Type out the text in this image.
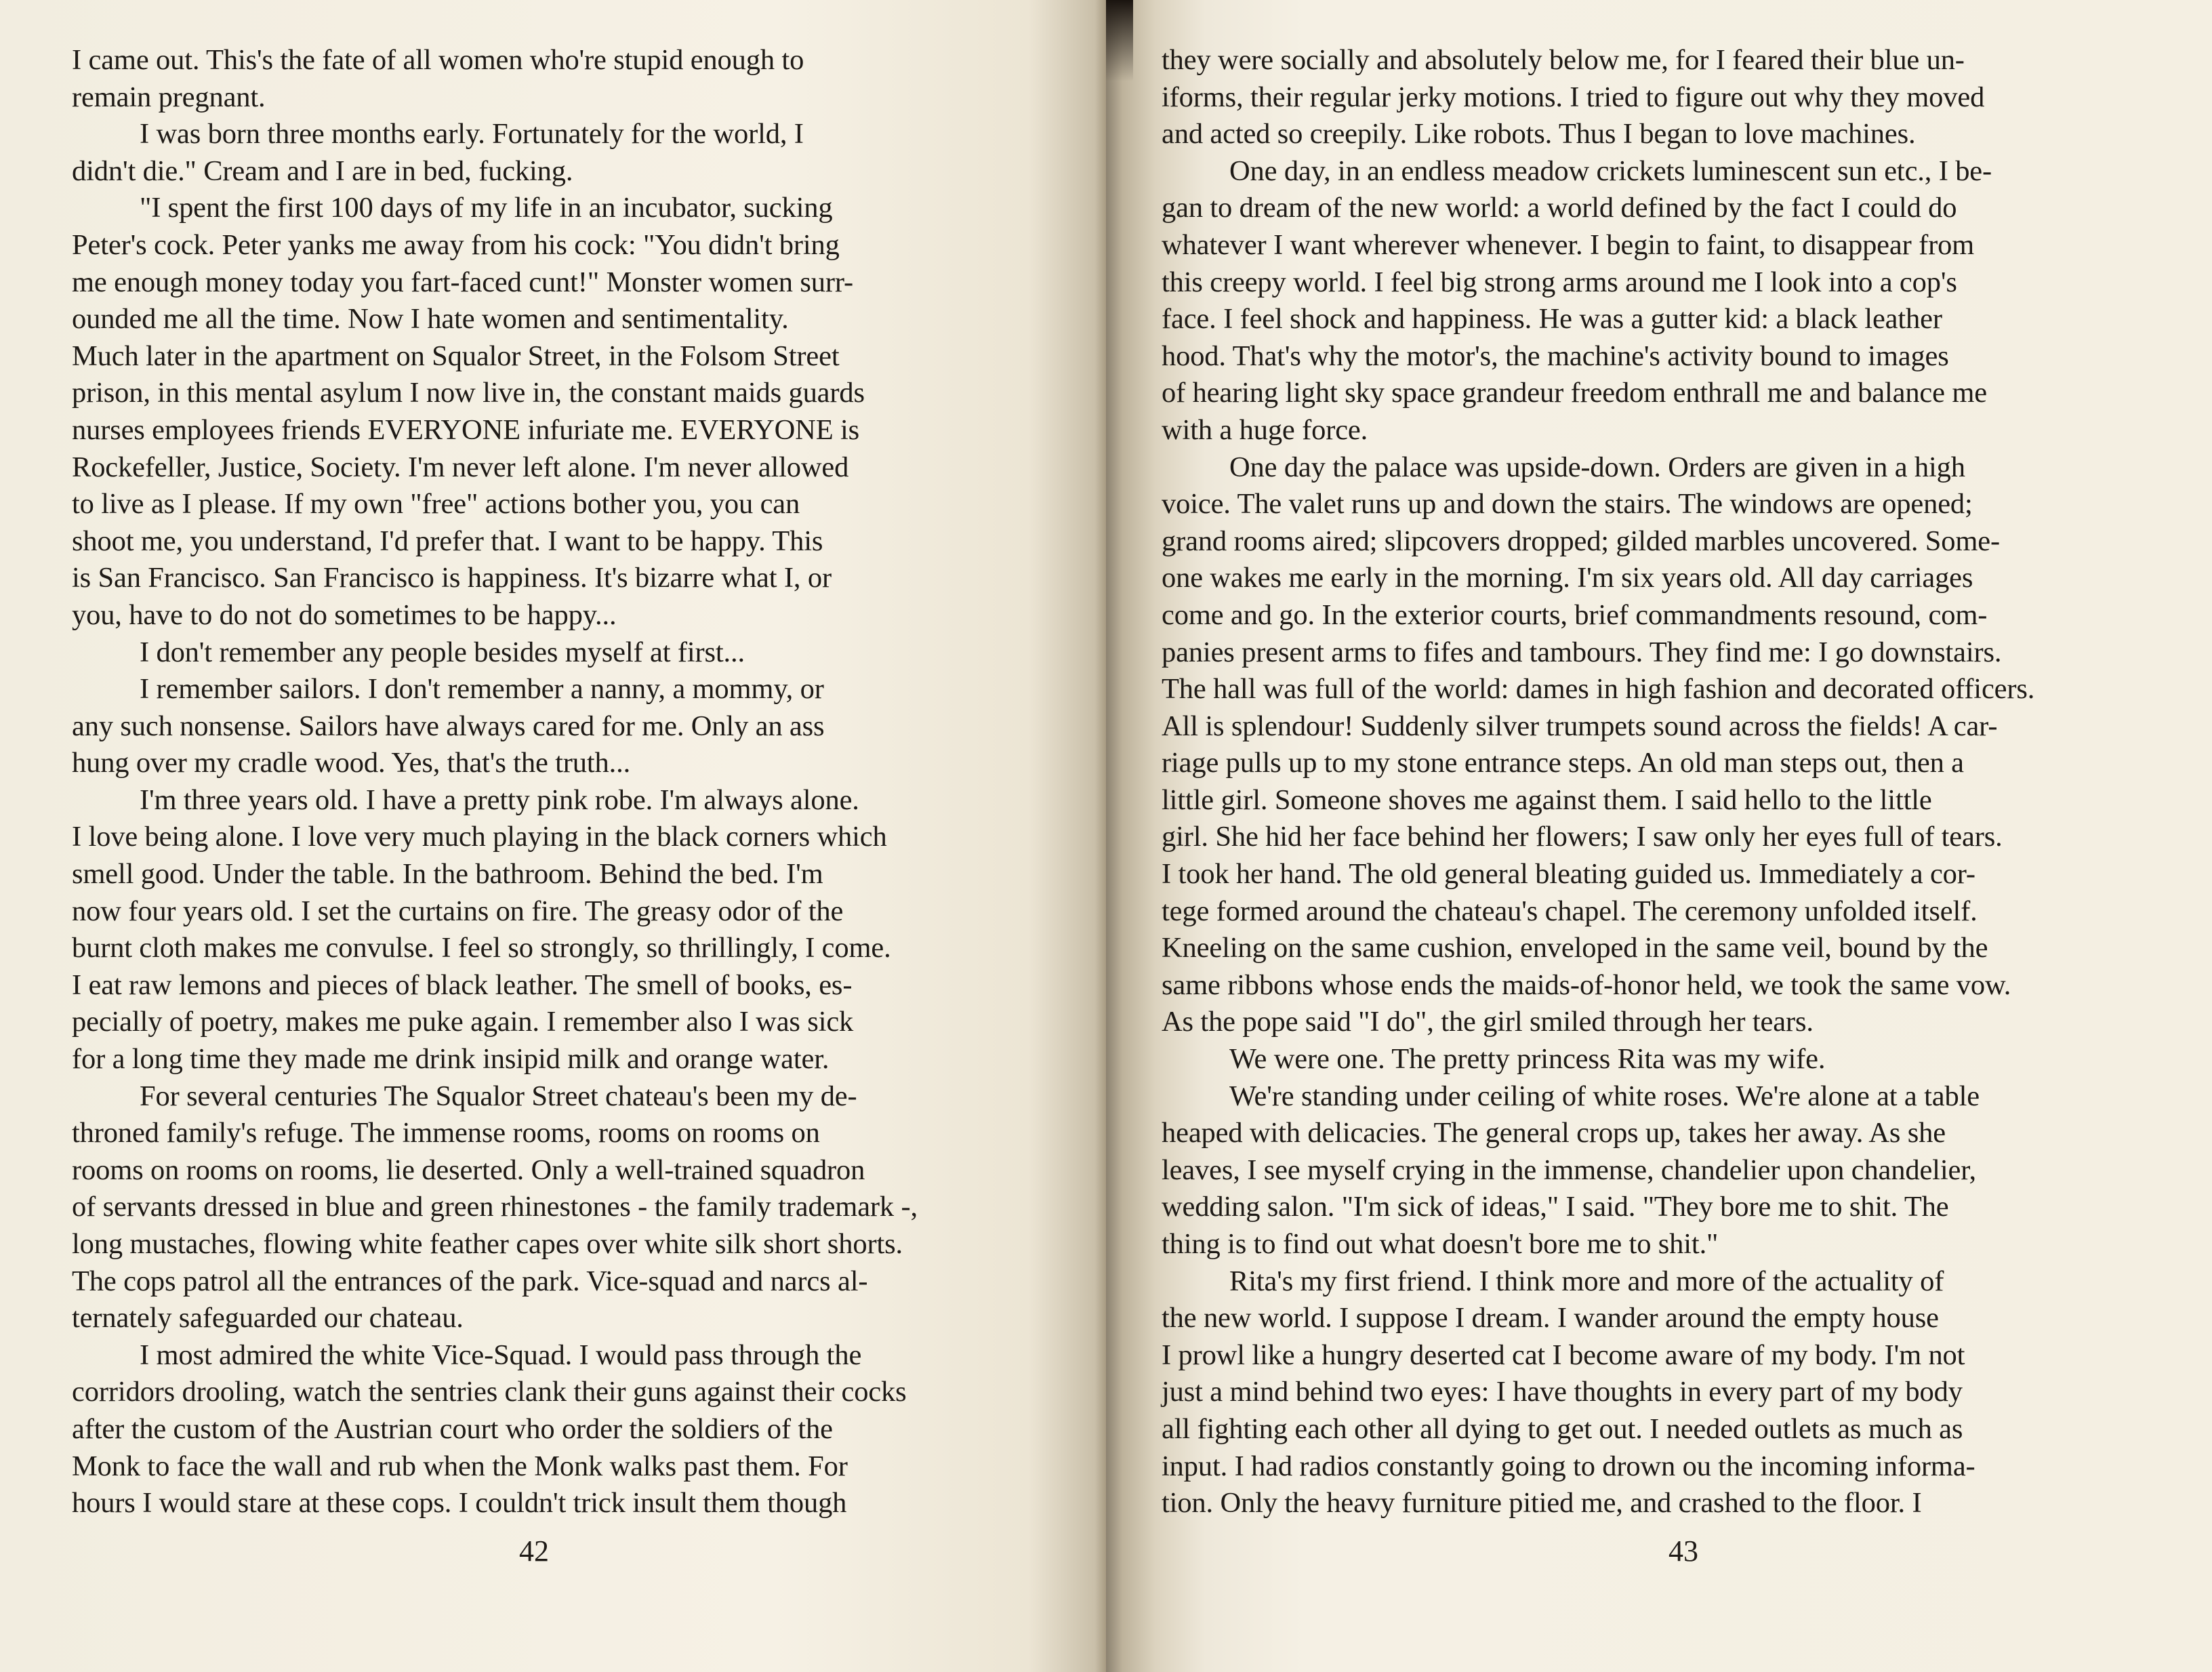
I came out. This's the fate of all women who're stupid enough to
remain pregnant.
I was born three months early. Fortunately for the world, I
didn't die." Cream and I are in bed, fucking.
"I spent the first 100 days of my life in an incubator, sucking
Peter's cock. Peter yanks me away from his cock: "You didn't bring
me enough money today you fart-faced cunt!" Monster women surr-
ounded me all the time. Now I hate women and sentimentality.
Much later in the apartment on Squalor Street, in the Folsom Street
prison, in this mental asylum I now live in, the constant maids guards
nurses employees friends EVERYONE infuriate me. EVERYONE is
Rockefeller, Justice, Society. I'm never left alone. I'm never allowed
to live as I please. If my own "free" actions bother you, you can
shoot me, you understand, I'd prefer that. I want to be happy. This
is San Francisco. San Francisco is happiness. It's bizarre what I, or
you, have to do not do sometimes to be happy...
I don't remember any people besides myself at first...
I remember sailors. I don't remember a nanny, a mommy, or
any such nonsense. Sailors have always cared for me. Only an ass
hung over my cradle wood. Yes, that's the truth...
I'm three years old. I have a pretty pink robe. I'm always alone.
I love being alone. I love very much playing in the black corners which
smell good. Under the table. In the bathroom. Behind the bed. I'm
now four years old. I set the curtains on fire. The greasy odor of the
burnt cloth makes me convulse. I feel so strongly, so thrillingly, I come.
I eat raw lemons and pieces of black leather. The smell of books, es-
pecially of poetry, makes me puke again. I remember also I was sick
for a long time they made me drink insipid milk and orange water.
For several centuries The Squalor Street chateau's been my de-
throned family's refuge. The immense rooms, rooms on rooms on
rooms on rooms on rooms, lie deserted. Only a well-trained squadron
of servants dressed in blue and green rhinestones - the family trademark -,
long mustaches, flowing white feather capes over white silk short shorts.
The cops patrol all the entrances of the park. Vice-squad and narcs al-
ternately safeguarded our chateau.
I most admired the white Vice-Squad. I would pass through the
corridors drooling, watch the sentries clank their guns against their cocks
after the custom of the Austrian court who order the soldiers of the
Monk to face the wall and rub when the Monk walks past them. For
hours I would stare at these cops. I couldn't trick insult them though
42
they were socially and absolutely below me, for I feared their blue un-
iforms, their regular jerky motions. I tried to figure out why they moved
and acted so creepily. Like robots. Thus I began to love machines.
One day, in an endless meadow crickets luminescent sun etc., I be-
gan to dream of the new world: a world defined by the fact I could do
whatever I want wherever whenever. I begin to faint, to disappear from
this creepy world. I feel big strong arms around me I look into a cop's
face. I feel shock and happiness. He was a gutter kid: a black leather
hood. That's why the motor's, the machine's activity bound to images
of hearing light sky space grandeur freedom enthrall me and balance me
with a huge force.
One day the palace was upside-down. Orders are given in a high
voice. The valet runs up and down the stairs. The windows are opened;
grand rooms aired; slipcovers dropped; gilded marbles uncovered. Some-
one wakes me early in the morning. I'm six years old. All day carriages
come and go. In the exterior courts, brief commandments resound, com-
panies present arms to fifes and tambours. They find me: I go downstairs.
The hall was full of the world: dames in high fashion and decorated officers.
All is splendour! Suddenly silver trumpets sound across the fields! A car-
riage pulls up to my stone entrance steps. An old man steps out, then a
little girl. Someone shoves me against them. I said hello to the little
girl. She hid her face behind her flowers; I saw only her eyes full of tears.
I took her hand. The old general bleating guided us. Immediately a cor-
tege formed around the chateau's chapel. The ceremony unfolded itself.
Kneeling on the same cushion, enveloped in the same veil, bound by the
same ribbons whose ends the maids-of-honor held, we took the same vow.
As the pope said "I do", the girl smiled through her tears.
We were one. The pretty princess Rita was my wife.
We're standing under ceiling of white roses. We're alone at a table
heaped with delicacies. The general crops up, takes her away. As she
leaves, I see myself crying in the immense, chandelier upon chandelier,
wedding salon. "I'm sick of ideas," I said. "They bore me to shit. The
thing is to find out what doesn't bore me to shit."
Rita's my first friend. I think more and more of the actuality of
the new world. I suppose I dream. I wander around the empty house
I prowl like a hungry deserted cat I become aware of my body. I'm not
just a mind behind two eyes: I have thoughts in every part of my body
all fighting each other all dying to get out. I needed outlets as much as
input. I had radios constantly going to drown ou the incoming informa-
tion. Only the heavy furniture pitied me, and crashed to the floor. I
43
